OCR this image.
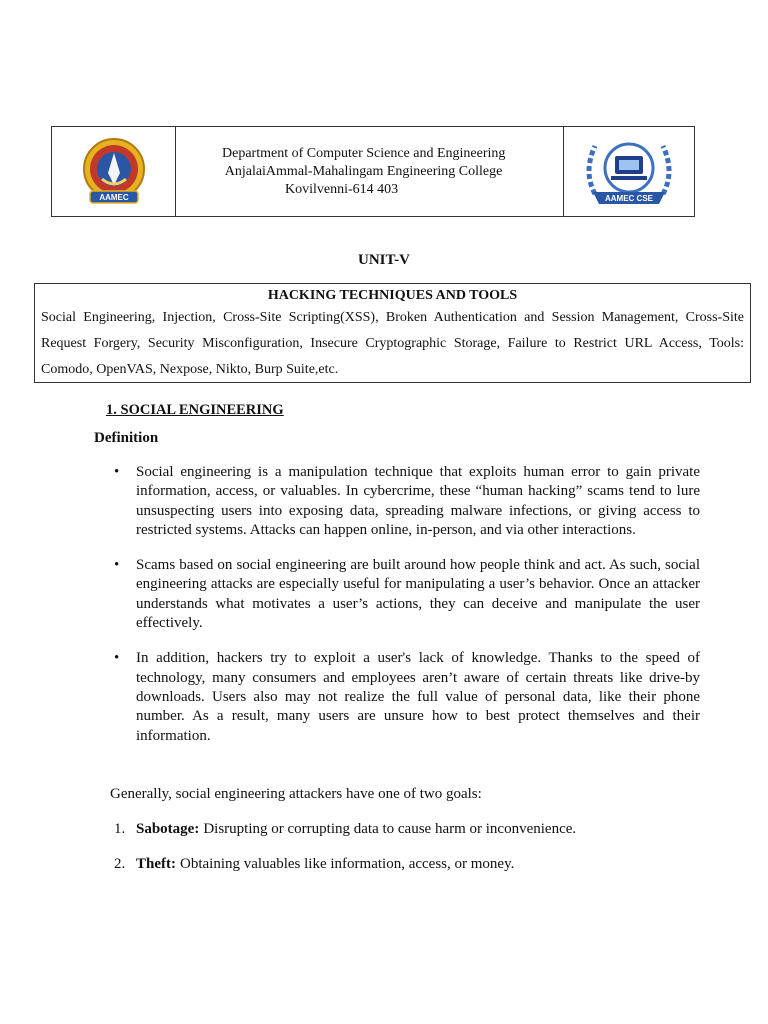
AAMEC
Department of Computer Science and Engineering
AnjalaiAmmal-Mahalingam Engineering College
Kovilvenni-614 403
AAMEC CSE
UNIT-V
HACKING TECHNIQUES AND TOOLS

Social Engineering, Injection, Cross-Site Scripting(XSS), Broken Authentication and Session Management, Cross-Site Request Forgery, Security Misconfiguration, Insecure Cryptographic Storage, Failure to Restrict URL Access, Tools: Comodo, OpenVAS, Nexpose, Nikto, Burp Suite,etc.

1. SOCIAL ENGINEERING
Definition
• Social engineering is a manipulation technique that exploits human error to gain private information, access, or valuables. In cybercrime, these “human hacking” scams tend to lure unsuspecting users into exposing data, spreading malware infections, or giving access to restricted systems. Attacks can happen online, in-person, and via other interactions.
• Scams based on social engineering are built around how people think and act. As such, social engineering attacks are especially useful for manipulating a user’s behavior. Once an attacker understands what motivates a user’s actions, they can deceive and manipulate the user effectively.
• In addition, hackers try to exploit a user's lack of knowledge. Thanks to the speed of technology, many consumers and employees aren’t aware of certain threats like drive-by downloads. Users also may not realize the full value of personal data, like their phone number. As a result, many users are unsure how to best protect themselves and their information.
Generally, social engineering attackers have one of two goals:
1. Sabotage: Disrupting or corrupting data to cause harm or inconvenience.
2. Theft: Obtaining valuables like information, access, or money.
